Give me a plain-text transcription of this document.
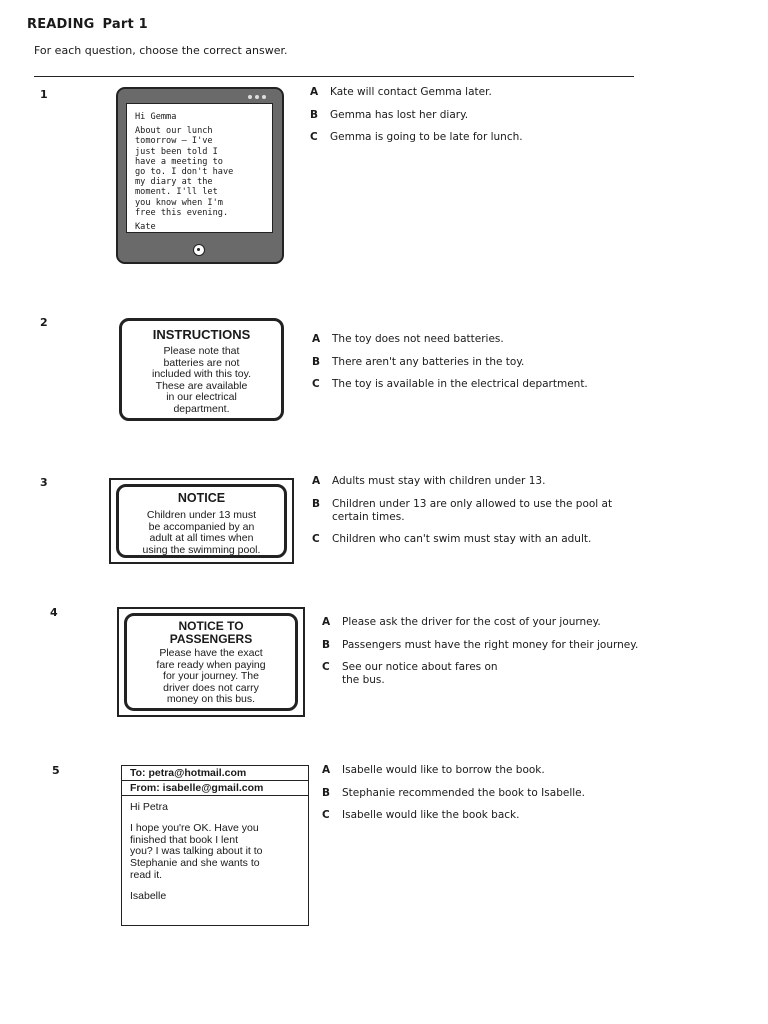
READING Part 1
For each question, choose the correct answer.
1

Hi Gemma

About our lunch

tomorrow – I've

just been told I

have a meeting to

go to. I don't have

my diary at the

moment. I'll let

you know when I'm

free this evening.

Kate

A	Kate will contact Gemma later.
B	Gemma has lost her diary.
C	Gemma is going to be late for lunch.
2
INSTRUCTIONS
Please note that
batteries are not
included with this toy.
These are available
in our electrical
department.
A	The toy does not need batteries.
B	There aren't any batteries in the toy.
C	The toy is available in the electrical department.
3
NOTICE
Children under 13 must
be accompanied by an
adult at all times when
using the swimming pool.
A	Adults must stay with children under 13.
B	Children under 13 are only allowed to use the pool at certain times.
C	Children who can't swim must stay with an adult.
4
NOTICE TO
PASSENGERS
Please have the exact
fare ready when paying
for your journey. The
driver does not carry
money on this bus.
A	Please ask the driver for the cost of your journey.
B	Passengers must have the right money for their journey.
C	See our notice about fares on
the bus.
5	To: petra@hotmail.com
From: isabelle@gmail.com

Hi Petra

I hope you're OK. Have you
finished that book I lent
you? I was talking about it to
Stephanie and she wants to
read it.

Isabelle

A	Isabelle would like to borrow the book.
B	Stephanie recommended the book to Isabelle.
C	Isabelle would like the book back.
